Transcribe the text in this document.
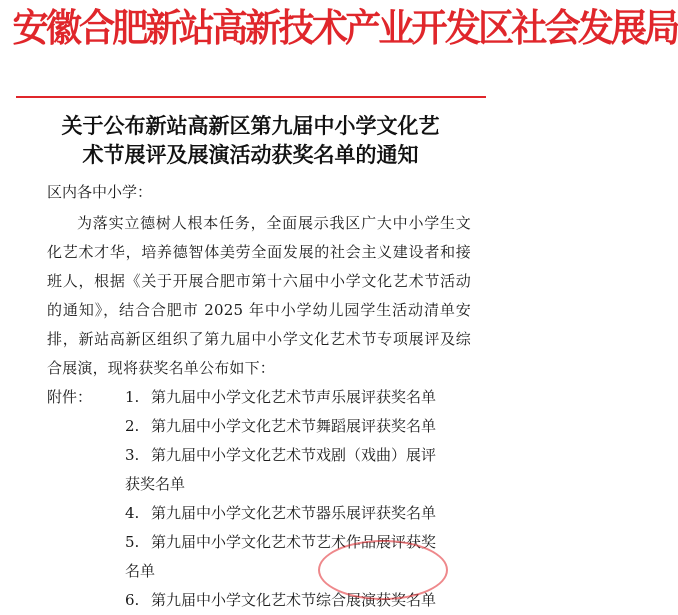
安徽合肥新站高新技术产业开发区社会发展局
关于公布新站高新区第九届中小学文化艺
术节展评及展演活动获奖名单的通知

区内各中小学：

为落实立德树人根本任务，全面展示我区广大中小学生文化艺术才华，培养德智体美劳全面发展的社会主义建设者和接班人，根据《关于开展合肥市第十六届中小学文化艺术节活动的通知》，结合合肥市 2025 年中小学幼儿园学生活动清单安排，新站高新区组织了第九届中小学文化艺术节专项展评及综合展演，现将获奖名单公布如下：

附件：	1. 第九届中小学文化艺术节声乐展评获奖名单
2. 第九届中小学文化艺术节舞蹈展评获奖名单
3. 第九届中小学文化艺术节戏剧（戏曲）展评
获奖名单
4. 第九届中小学文化艺术节器乐展评获奖名单
5. 第九届中小学文化艺术节艺术作品展评获奖
名单
6. 第九届中小学文化艺术节综合展演获奖名单
